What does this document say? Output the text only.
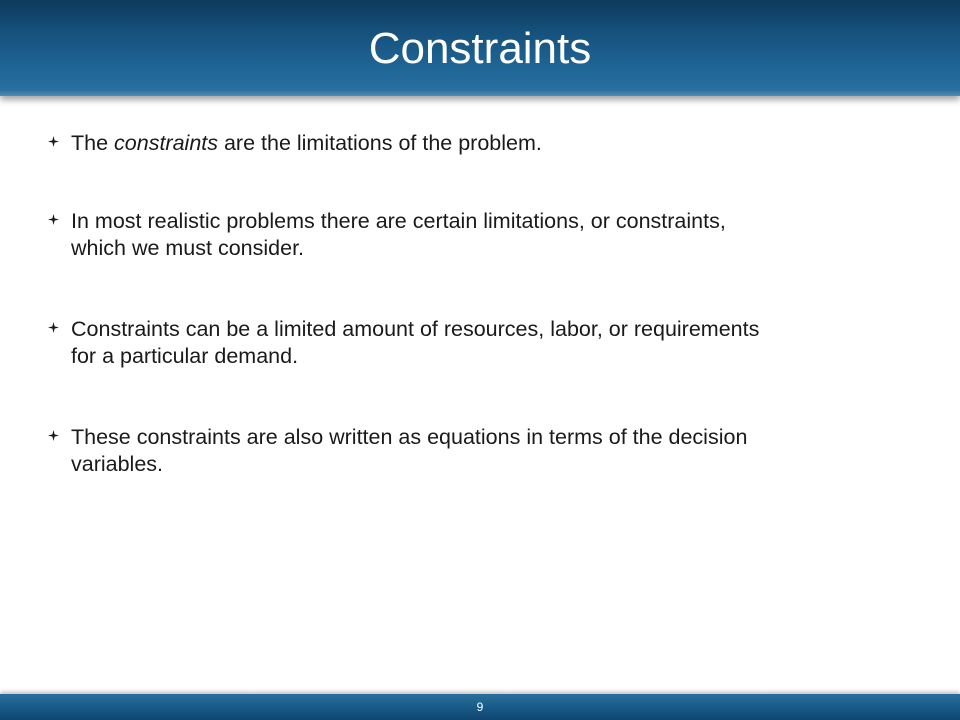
Constraints
The constraints are the limitations of the problem.
In most realistic problems there are certain limitations, or constraints,
which we must consider.
Constraints can be a limited amount of resources, labor, or requirements
for a particular demand.
These constraints are also written as equations in terms of the decision
variables.
9
